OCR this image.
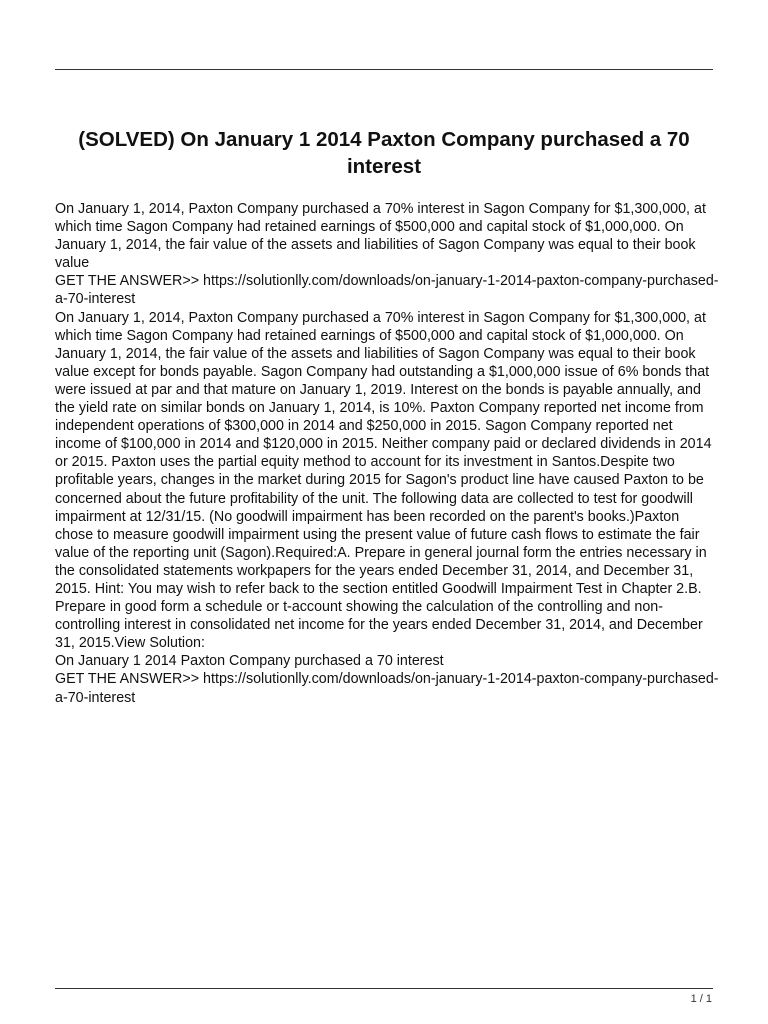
(SOLVED) On January 1 2014 Paxton Company purchased a 70 interest

On January 1, 2014, Paxton Company purchased a 70% interest in Sagon Company for $1,300,000, at which time Sagon Company had retained earnings of $500,000 and capital stock of $1,000,000. On January 1, 2014, the fair value of the assets and liabilities of Sagon Company was equal to their book value

GET THE ANSWER>> https://solutionlly.com/downloads/on-january-1-2014-paxton-company-purchased-a-70-interest

On January 1, 2014, Paxton Company purchased a 70% interest in Sagon Company for $1,300,000, at which time Sagon Company had retained earnings of $500,000 and capital stock of $1,000,000. On January 1, 2014, the fair value of the assets and liabilities of Sagon Company was equal to their book value except for bonds payable. Sagon Company had outstanding a $1,000,000 issue of 6% bonds that were issued at par and that mature on January 1, 2019. Interest on the bonds is payable annually, and the yield rate on similar bonds on January 1, 2014, is 10%. Paxton Company reported net income from independent operations of $300,000 in 2014 and $250,000 in 2015. Sagon Company reported net income of $100,000 in 2014 and $120,000 in 2015. Neither company paid or declared dividends in 2014 or 2015. Paxton uses the partial equity method to account for its investment in Santos.Despite two profitable years, changes in the market during 2015 for Sagon's product line have caused Paxton to be concerned about the future profitability of the unit. The following data are collected to test for goodwill impairment at 12/31/15. (No goodwill impairment has been recorded on the parent's books.)Paxton chose to measure goodwill impairment using the present value of future cash flows to estimate the fair value of the reporting unit (Sagon).Required:A. Prepare in general journal form the entries necessary in the consolidated statements workpapers for the years ended December 31, 2014, and December 31, 2015. Hint: You may wish to refer back to the section entitled Goodwill Impairment Test in Chapter 2.B. Prepare in good form a schedule or t-account showing the calculation of the controlling and non-controlling interest in consolidated net income for the years ended December 31, 2014, and December 31, 2015.View Solution:

On January 1 2014 Paxton Company purchased a 70 interest

GET THE ANSWER>> https://solutionlly.com/downloads/on-january-1-2014-paxton-company-purchased-a-70-interest

1 / 1
